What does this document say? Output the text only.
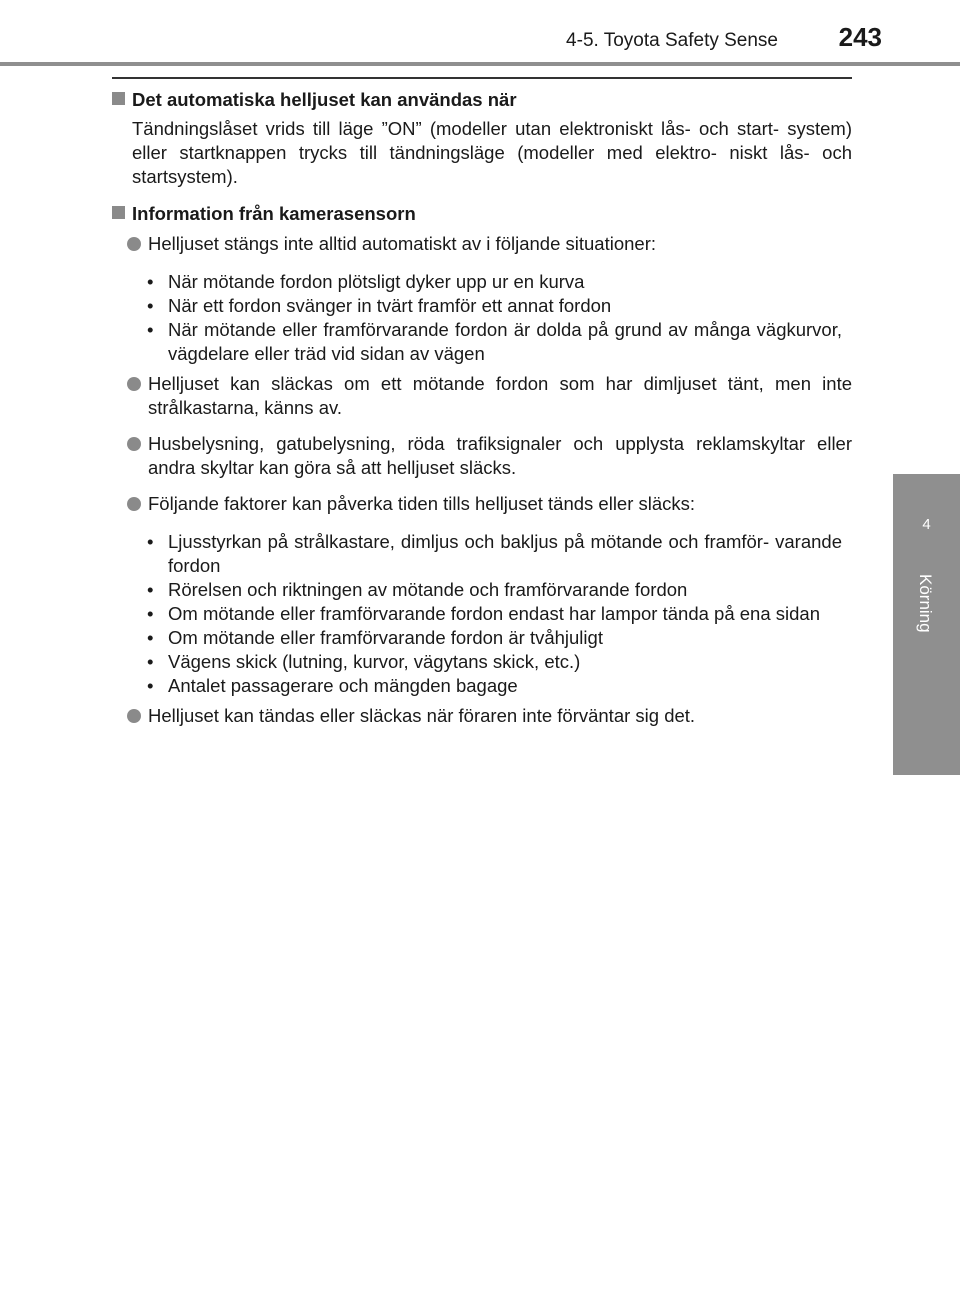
4-5. Toyota Safety Sense 243
4
Körning
Det automatiska helljuset kan användas när
Tändningslåset vrids till läge ”ON” (modeller utan elektroniskt lås- och start- system) eller startknappen trycks till tändningsläge (modeller med elektro- niskt lås- och startsystem).
Information från kamerasensorn
Helljuset stängs inte alltid automatiskt av i följande situationer:
• När mötande fordon plötsligt dyker upp ur en kurva
• När ett fordon svänger in tvärt framför ett annat fordon
• När mötande eller framförvarande fordon är dolda på grund av många vägkurvor, vägdelare eller träd vid sidan av vägen
Helljuset kan släckas om ett mötande fordon som har dimljuset tänt, men inte strålkastarna, känns av.
Husbelysning, gatubelysning, röda trafiksignaler och upplysta reklamskyltar eller andra skyltar kan göra så att helljuset släcks.
Följande faktorer kan påverka tiden tills helljuset tänds eller släcks:
• Ljusstyrkan på strålkastare, dimljus och bakljus på mötande och framför- varande fordon
• Rörelsen och riktningen av mötande och framförvarande fordon
• Om mötande eller framförvarande fordon endast har lampor tända på ena sidan
• Om mötande eller framförvarande fordon är tvåhjuligt
• Vägens skick (lutning, kurvor, vägytans skick, etc.)
• Antalet passagerare och mängden bagage
Helljuset kan tändas eller släckas när föraren inte förväntar sig det.
